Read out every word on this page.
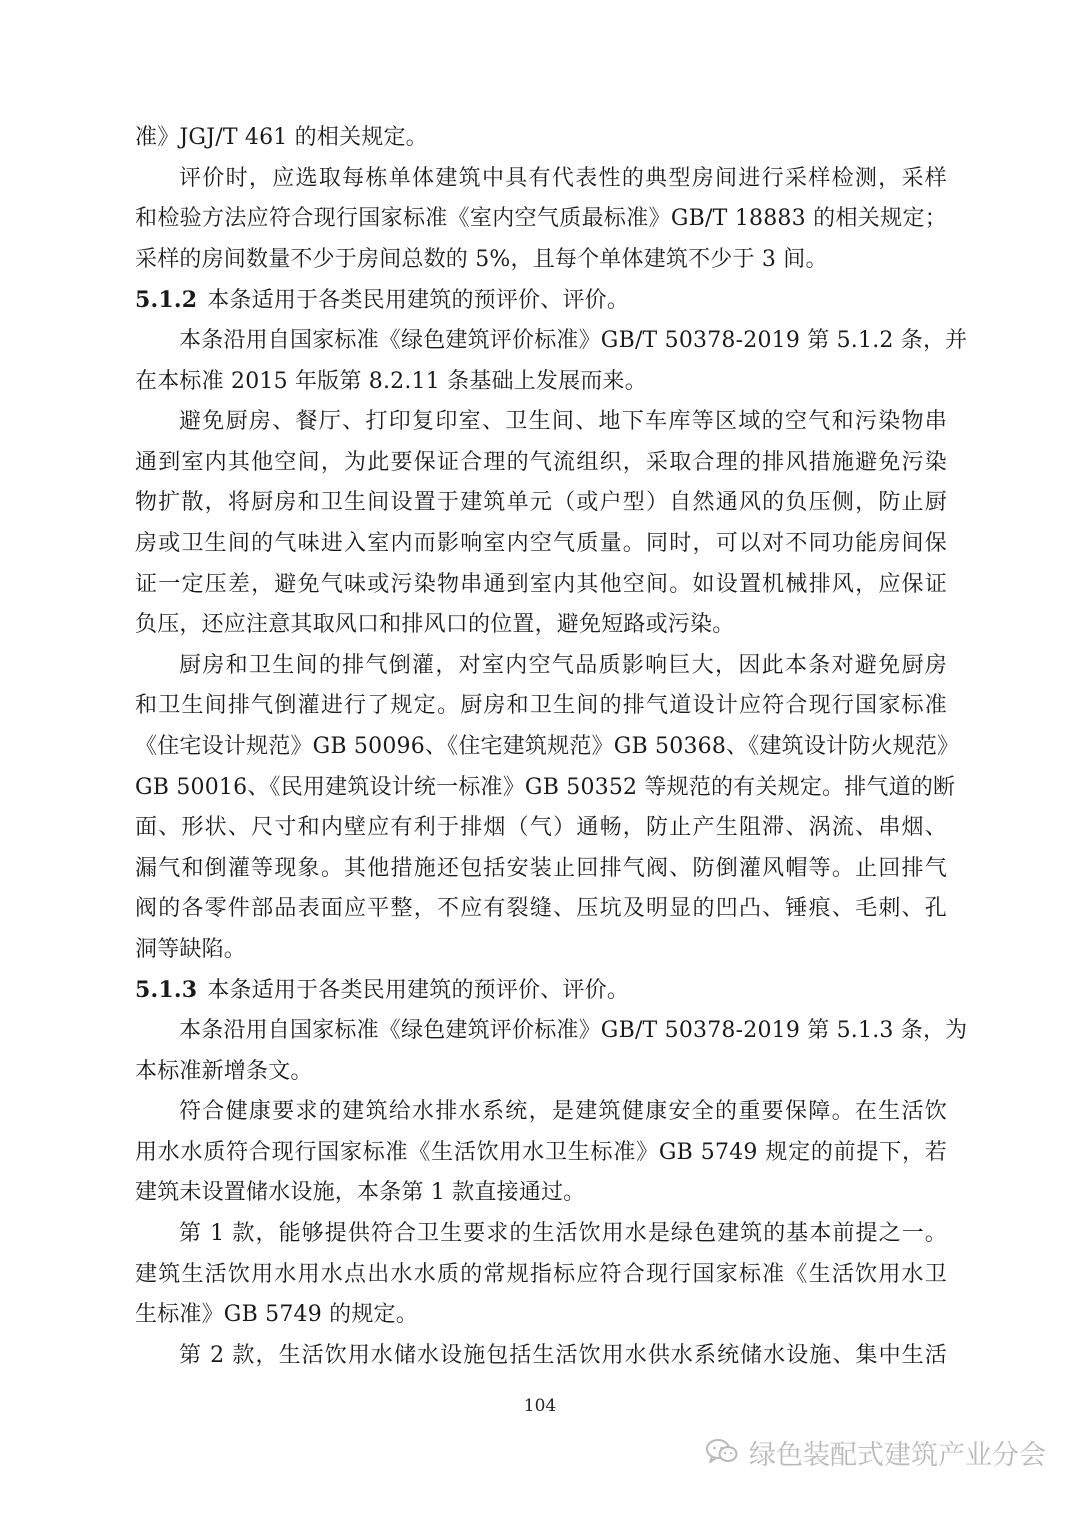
准》JGJ/T 461 的相关规定。
评价时，应选取每栋单体建筑中具有代表性的典型房间进行采样检测，采样
和检验方法应符合现行国家标准《室内空气质最标准》GB/T 18883 的相关规定；
采样的房间数量不少于房间总数的 5%，且每个单体建筑不少于 3 间。
5.1.2 本条适用于各类民用建筑的预评价、评价。
本条沿用自国家标准《绿色建筑评价标准》GB/T 50378-2019 第 5.1.2 条，并
在本标准 2015 年版第 8.2.11 条基础上发展而来。
避免厨房、餐厅、打印复印室、卫生间、地下车库等区域的空气和污染物串
通到室内其他空间，为此要保证合理的气流组织，采取合理的排风措施避免污染
物扩散，将厨房和卫生间设置于建筑单元（或户型）自然通风的负压侧，防止厨
房或卫生间的气味进入室内而影响室内空气质量。同时，可以对不同功能房间保
证一定压差，避免气味或污染物串通到室内其他空间。如设置机械排风，应保证
负压，还应注意其取风口和排风口的位置，避免短路或污染。
厨房和卫生间的排气倒灌，对室内空气品质影响巨大，因此本条对避免厨房
和卫生间排气倒灌进行了规定。厨房和卫生间的排气道设计应符合现行国家标准
《住宅设计规范》GB 50096、《住宅建筑规范》GB 50368、《建筑设计防火规范》
GB 50016、《民用建筑设计统一标准》GB 50352 等规范的有关规定。排气道的断
面、形状、尺寸和内壁应有利于排烟（气）通畅，防止产生阻滞、涡流、串烟、
漏气和倒灌等现象。其他措施还包括安装止回排气阀、防倒灌风帽等。止回排气
阀的各零件部品表面应平整，不应有裂缝、压坑及明显的凹凸、锤痕、毛刺、孔
洞等缺陷。
5.1.3 本条适用于各类民用建筑的预评价、评价。
本条沿用自国家标准《绿色建筑评价标准》GB/T 50378-2019 第 5.1.3 条，为
本标准新增条文。
符合健康要求的建筑给水排水系统，是建筑健康安全的重要保障。在生活饮
用水水质符合现行国家标准《生活饮用水卫生标准》GB 5749 规定的前提下，若
建筑未设置储水设施，本条第 1 款直接通过。
第 1 款，能够提供符合卫生要求的生活饮用水是绿色建筑的基本前提之一。
建筑生活饮用水用水点出水水质的常规指标应符合现行国家标准《生活饮用水卫
生标准》GB 5749 的规定。
第 2 款，生活饮用水储水设施包括生活饮用水供水系统储水设施、集中生活
104
绿色装配式建筑产业分会
